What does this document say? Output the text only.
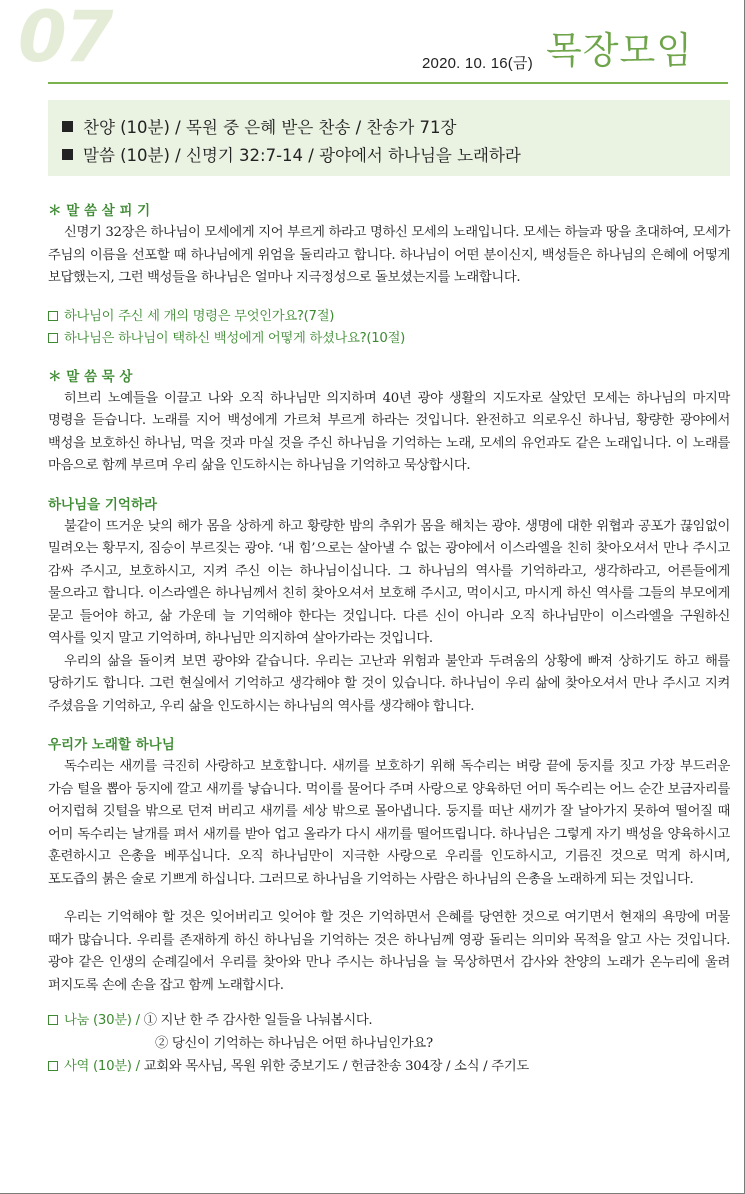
07	2020. 10. 16(금) 목장모임
찬양 (10분) / 목원 중 은혜 받은 찬송 / 찬송가 71장
말씀 (10분) / 신명기 32:7-14 / 광야에서 하나님을 노래하라
＊ 말 씀 살 피 기

신명기 32장은 하나님이 모세에게 지어 부르게 하라고 명하신 모세의 노래입니다. 모세는 하늘과 땅을 초대하여, 모세가 주님의 이름을 선포할 때 하나님에게 위엄을 돌리라고 합니다. 하나님이 어떤 분이신지, 백성들은 하나님의 은혜에 어떻게 보답했는지, 그런 백성들을 하나님은 얼마나 지극정성으로 돌보셨는지를 노래합니다.

하나님이 주신 세 개의 명령은 무엇인가요?(7절)
하나님은 하나님이 택하신 백성에게 어떻게 하셨나요?(10절)
＊ 말 씀 묵 상

히브리 노예들을 이끌고 나와 오직 하나님만 의지하며 40년 광야 생활의 지도자로 살았던 모세는 하나님의 마지막 명령을 듣습니다. 노래를 지어 백성에게 가르쳐 부르게 하라는 것입니다. 완전하고 의로우신 하나님, 황량한 광야에서 백성을 보호하신 하나님, 먹을 것과 마실 것을 주신 하나님을 기억하는 노래, 모세의 유언과도 같은 노래입니다. 이 노래를 마음으로 함께 부르며 우리 삶을 인도하시는 하나님을 기억하고 묵상합시다.

하나님을 기억하라

불같이 뜨거운 낮의 해가 몸을 상하게 하고 황량한 밤의 추위가 몸을 해치는 광야. 생명에 대한 위협과 공포가 끊임없이 밀려오는 황무지, 짐승이 부르짖는 광야. ‘내 힘’으로는 살아낼 수 없는 광야에서 이스라엘을 친히 찾아오셔서 만나 주시고 감싸 주시고, 보호하시고, 지켜 주신 이는 하나님이십니다. 그 하나님의 역사를 기억하라고, 생각하라고, 어른들에게 물으라고 합니다. 이스라엘은 하나님께서 친히 찾아오셔서 보호해 주시고, 먹이시고, 마시게 하신 역사를 그들의 부모에게 묻고 들어야 하고, 삶 가운데 늘 기억해야 한다는 것입니다. 다른 신이 아니라 오직 하나님만이 이스라엘을 구원하신 역사를 잊지 말고 기억하며, 하나님만 의지하여 살아가라는 것입니다.

우리의 삶을 돌이켜 보면 광야와 같습니다. 우리는 고난과 위험과 불안과 두려움의 상황에 빠져 상하기도 하고 해를 당하기도 합니다. 그런 현실에서 기억하고 생각해야 할 것이 있습니다. 하나님이 우리 삶에 찾아오셔서 만나 주시고 지켜 주셨음을 기억하고, 우리 삶을 인도하시는 하나님의 역사를 생각해야 합니다.

우리가 노래할 하나님

독수리는 새끼를 극진히 사랑하고 보호합니다. 새끼를 보호하기 위해 독수리는 벼랑 끝에 둥지를 짓고 가장 부드러운 가슴 털을 뽑아 둥지에 깔고 새끼를 낳습니다. 먹이를 물어다 주며 사랑으로 양육하던 어미 독수리는 어느 순간 보금자리를 어지럽혀 깃털을 밖으로 던져 버리고 새끼를 세상 밖으로 몰아냅니다. 둥지를 떠난 새끼가 잘 날아가지 못하여 떨어질 때 어미 독수리는 날개를 펴서 새끼를 받아 업고 올라가 다시 새끼를 떨어뜨립니다. 하나님은 그렇게 자기 백성을 양육하시고 훈련하시고 은총을 베푸십니다. 오직 하나님만이 지극한 사랑으로 우리를 인도하시고, 기름진 것으로 먹게 하시며, 포도즙의 붉은 술로 기쁘게 하십니다. 그러므로 하나님을 기억하는 사람은 하나님의 은총을 노래하게 되는 것입니다.

우리는 기억해야 할 것은 잊어버리고 잊어야 할 것은 기억하면서 은혜를 당연한 것으로 여기면서 현재의 욕망에 머물 때가 많습니다. 우리를 존재하게 하신 하나님을 기억하는 것은 하나님께 영광 돌리는 의미와 목적을 알고 사는 것입니다. 광야 같은 인생의 순례길에서 우리를 찾아와 만나 주시는 하나님을 늘 묵상하면서 감사와 찬양의 노래가 온누리에 울려 퍼지도록 손에 손을 잡고 함께 노래합시다.

나눔 (30분) / ① 지난 한 주 감사한 일들을 나눠봅시다.
② 당신이 기억하는 하나님은 어떤 하나님인가요?
사역 (10분) / 교회와 목사님, 목원 위한 중보기도 / 헌금찬송 304장 / 소식 / 주기도
